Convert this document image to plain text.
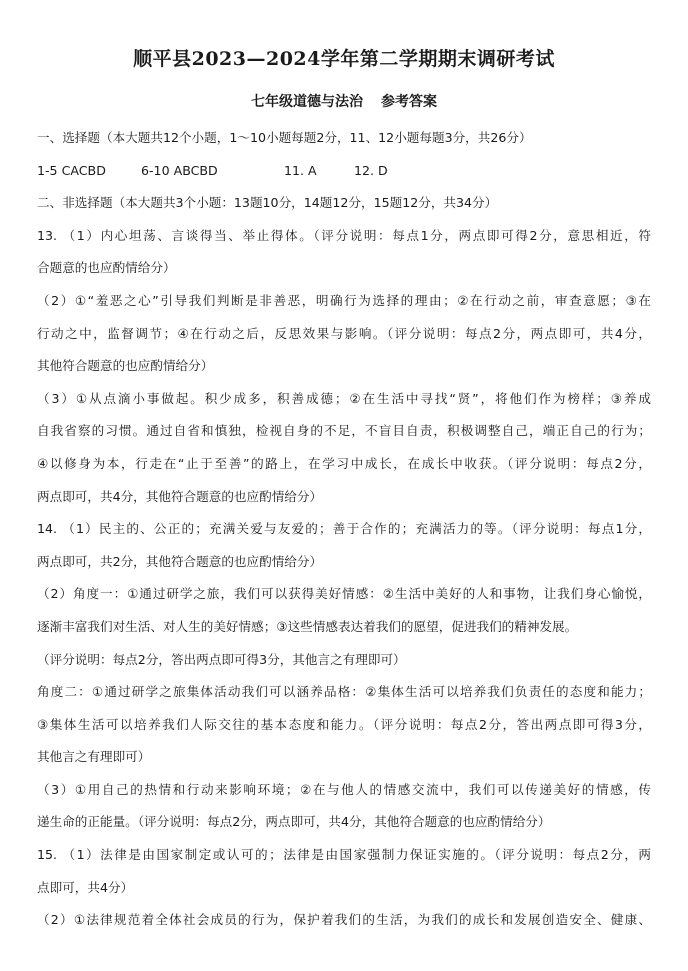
顺平县2023—2024学年第二学期期末调研考试
七年级道德与法治 参考答案
一、选择题（本大题共12个小题，1～10小题每题2分，11、12小题每题3分，共26分）
1-5 CACBD	6-10 ABCBD	11. A	12. D
二、非选择题（本大题共3个小题：13题10分，14题12分，15题12分，共34分）
13. （1）内心坦荡、言谈得当、举止得体。（评分说明：每点1分，两点即可得2分，意思相近，符
合题意的也应酌情给分）
（2）①“羞恶之心”引导我们判断是非善恶，明确行为选择的理由；②在行动之前，审查意愿；③在
行动之中，监督调节；④在行动之后，反思效果与影响。（评分说明：每点2分，两点即可，共4分，
其他符合题意的也应酌情给分）
（3）①从点滴小事做起。积少成多，积善成德；②在生活中寻找“贤”，将他们作为榜样；③养成
自我省察的习惯。通过自省和慎独，检视自身的不足，不盲目自责，积极调整自己，端正自己的行为；
④以修身为本，行走在“止于至善”的路上，在学习中成长，在成长中收获。（评分说明：每点2分，
两点即可，共4分，其他符合题意的也应酌情给分）
14. （1）民主的、公正的；充满关爱与友爱的；善于合作的；充满活力的等。（评分说明：每点1分，
两点即可，共2分，其他符合题意的也应酌情给分）
（2）角度一：①通过研学之旅，我们可以获得美好情感：②生活中美好的人和事物，让我们身心愉悦，
逐渐丰富我们对生活、对人生的美好情感；③这些情感表达着我们的愿望，促进我们的精神发展。
（评分说明：每点2分，答出两点即可得3分，其他言之有理即可）
角度二：①通过研学之旅集体活动我们可以涵养品格：②集体生活可以培养我们负责任的态度和能力；
③集体生活可以培养我们人际交往的基本态度和能力。（评分说明：每点2分，答出两点即可得3分，
其他言之有理即可）
（3）①用自己的热情和行动来影响环境；②在与他人的情感交流中，我们可以传递美好的情感，传
递生命的正能量。（评分说明：每点2分，两点即可，共4分，其他符合题意的也应酌情给分）
15. （1）法律是由国家制定或认可的；法律是由国家强制力保证实施的。（评分说明：每点2分，两
点即可，共4分）
（2）①法律规范着全体社会成员的行为，保护着我们的生活，为我们的成长和发展创造安全、健康、
